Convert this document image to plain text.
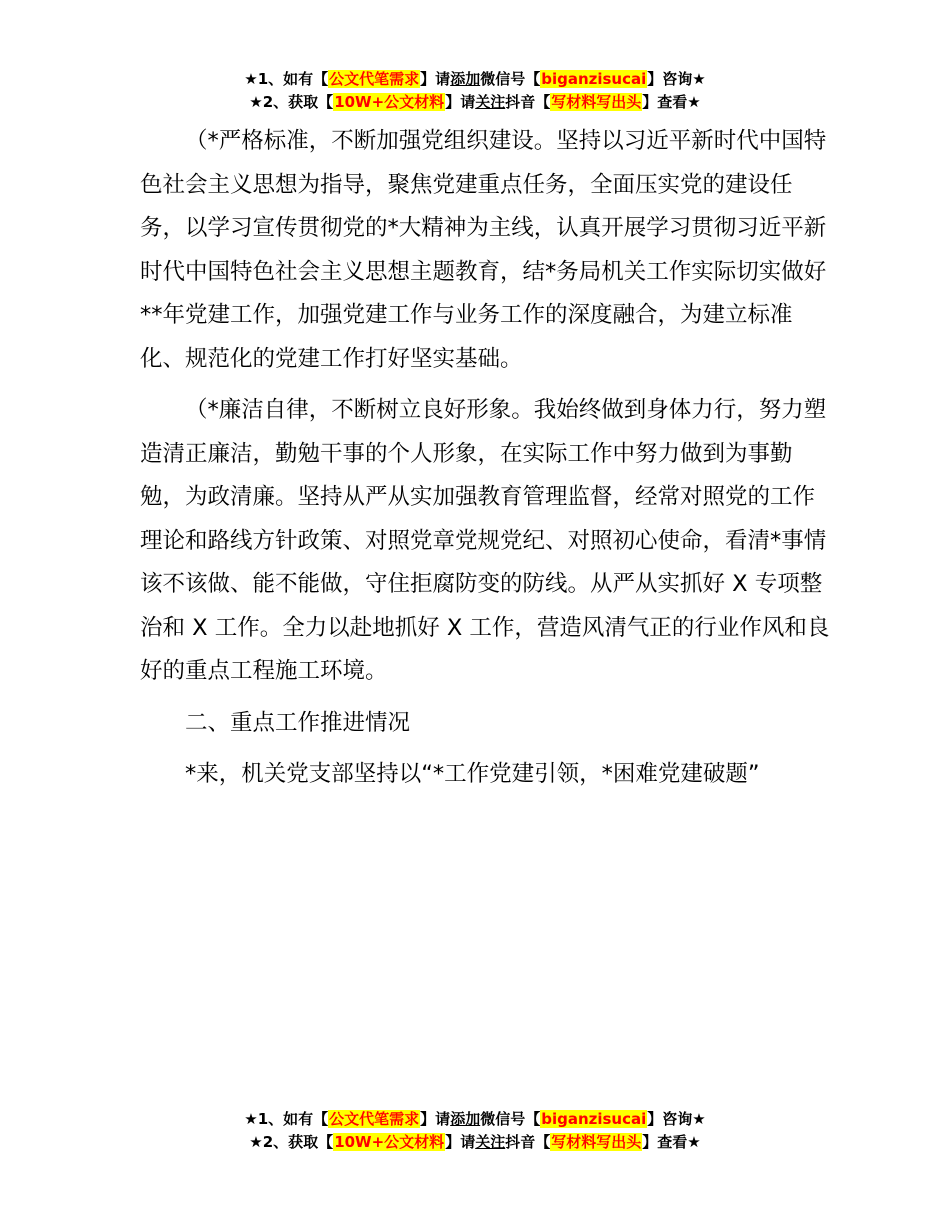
★1、如有【公文代笔需求】请添加微信号【biganzisucai】咨询★
★2、获取【10W+公文材料】请关注抖音【写材料写出头】查看★

（*严格标准，不断加强党组织建设。坚持以习近平新时代中国特色社会主义思想为指导，聚焦党建重点任务，全面压实党的建设任务，以学习宣传贯彻党的*大精神为主线，认真开展学习贯彻习近平新时代中国特色社会主义思想主题教育，结*务局机关工作实际切实做好**年党建工作，加强党建工作与业务工作的深度融合，为建立标准化、规范化的党建工作打好坚实基础。

（*廉洁自律，不断树立良好形象。我始终做到身体力行，努力塑造清正廉洁，勤勉干事的个人形象，在实际工作中努力做到为事勤勉，为政清廉。坚持从严从实加强教育管理监督，经常对照党的工作理论和路线方针政策、对照党章党规党纪、对照初心使命，看清*事情该不该做、能不能做，守住拒腐防变的防线。从严从实抓好 X 专项整治和 X 工作。全力以赴地抓好 X 工作，营造风清气正的行业作风和良好的重点工程施工环境。

二、重点工作推进情况

*来，机关党支部坚持以“*工作党建引领，*困难党建破题”

★1、如有【公文代笔需求】请添加微信号【biganzisucai】咨询★
★2、获取【10W+公文材料】请关注抖音【写材料写出头】查看★
